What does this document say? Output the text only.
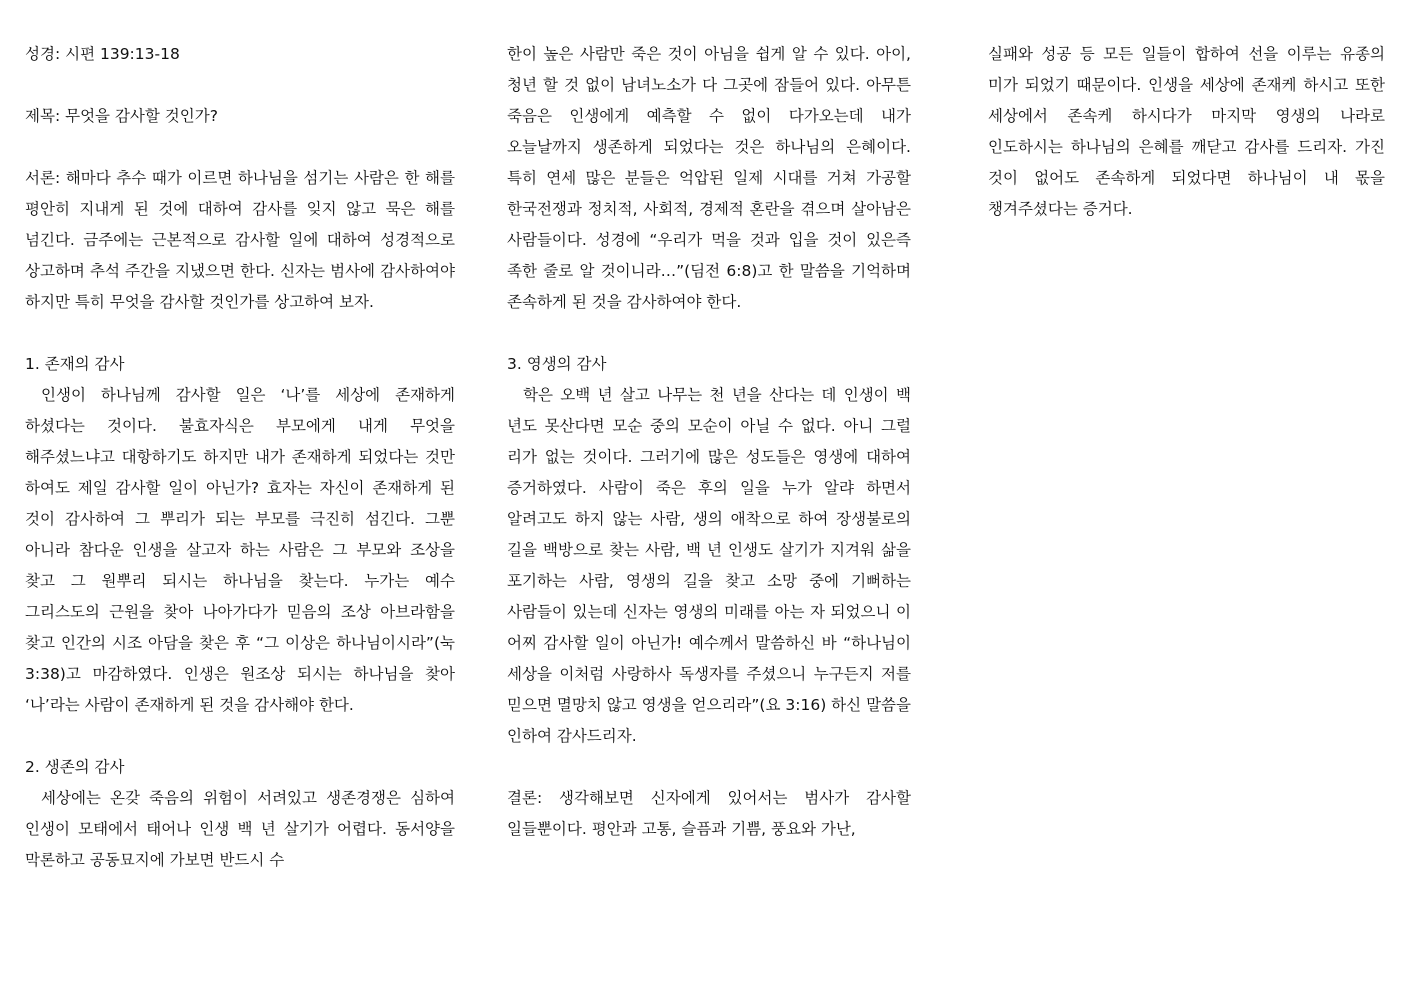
성경: 시편 139:13-18

제목: 무엇을 감사할 것인가?

서론: 해마다 추수 때가 이르면 하나님을 섬기는 사람은 한 해를 평안히 지내게 된 것에 대하여 감사를 잊지 않고 묵은 해를 넘긴다. 금주에는 근본적으로 감사할 일에 대하여 성경적으로 상고하며 추석 주간을 지냈으면 한다. 신자는 범사에 감사하여야 하지만 특히 무엇을 감사할 것인가를 상고하여 보자.

1. 존재의 감사

인생이 하나님께 감사할 일은 ‘나’를 세상에 존재하게 하셨다는 것이다. 불효자식은 부모에게 내게 무엇을 해주셨느냐고 대항하기도 하지만 내가 존재하게 되었다는 것만 하여도 제일 감사할 일이 아닌가? 효자는 자신이 존재하게 된 것이 감사하여 그 뿌리가 되는 부모를 극진히 섬긴다. 그뿐 아니라 참다운 인생을 살고자 하는 사람은 그 부모와 조상을 찾고 그 원뿌리 되시는 하나님을 찾는다. 누가는 예수 그리스도의 근원을 찾아 나아가다가 믿음의 조상 아브라함을 찾고 인간의 시조 아담을 찾은 후 “그 이상은 하나님이시라”(눅 3:38)고 마감하였다. 인생은 원조상 되시는 하나님을 찾아 ‘나’라는 사람이 존재하게 된 것을 감사해야 한다.

2. 생존의 감사

세상에는 온갖 죽음의 위험이 서려있고 생존경쟁은 심하여 인생이 모태에서 태어나 인생 백 년 살기가 어렵다. 동서양을 막론하고 공동묘지에 가보면 반드시 수

한이 높은 사람만 죽은 것이 아님을 쉽게 알 수 있다. 아이, 청년 할 것 없이 남녀노소가 다 그곳에 잠들어 있다. 아무튼 죽음은 인생에게 예측할 수 없이 다가오는데 내가 오늘날까지 생존하게 되었다는 것은 하나님의 은혜이다. 특히 연세 많은 분들은 억압된 일제 시대를 거쳐 가공할 한국전쟁과 정치적, 사회적, 경제적 혼란을 겪으며 살아남은 사람들이다. 성경에 “우리가 먹을 것과 입을 것이 있은즉 족한 줄로 알 것이니라…”(딤전 6:8)고 한 말씀을 기억하며 존속하게 된 것을 감사하여야 한다.

3. 영생의 감사

학은 오백 년 살고 나무는 천 년을 산다는 데 인생이 백 년도 못산다면 모순 중의 모순이 아닐 수 없다. 아니 그럴 리가 없는 것이다. 그러기에 많은 성도들은 영생에 대하여 증거하였다. 사람이 죽은 후의 일을 누가 알랴 하면서 알려고도 하지 않는 사람, 생의 애착으로 하여 장생불로의 길을 백방으로 찾는 사람, 백 년 인생도 살기가 지겨워 삶을 포기하는 사람, 영생의 길을 찾고 소망 중에 기뻐하는 사람들이 있는데 신자는 영생의 미래를 아는 자 되었으니 이 어찌 감사할 일이 아닌가! 예수께서 말씀하신 바 “하나님이 세상을 이처럼 사랑하사 독생자를 주셨으니 누구든지 저를 믿으면 멸망치 않고 영생을 얻으리라”(요 3:16) 하신 말씀을 인하여 감사드리자.

결론: 생각해보면 신자에게 있어서는 범사가 감사할 일들뿐이다. 평안과 고통, 슬픔과 기쁨, 풍요와 가난,

실패와 성공 등 모든 일들이 합하여 선을 이루는 유종의 미가 되었기 때문이다. 인생을 세상에 존재케 하시고 또한 세상에서 존속케 하시다가 마지막 영생의 나라로 인도하시는 하나님의 은혜를 깨닫고 감사를 드리자. 가진 것이 없어도 존속하게 되었다면 하나님이 내 몫을 챙겨주셨다는 증거다.
